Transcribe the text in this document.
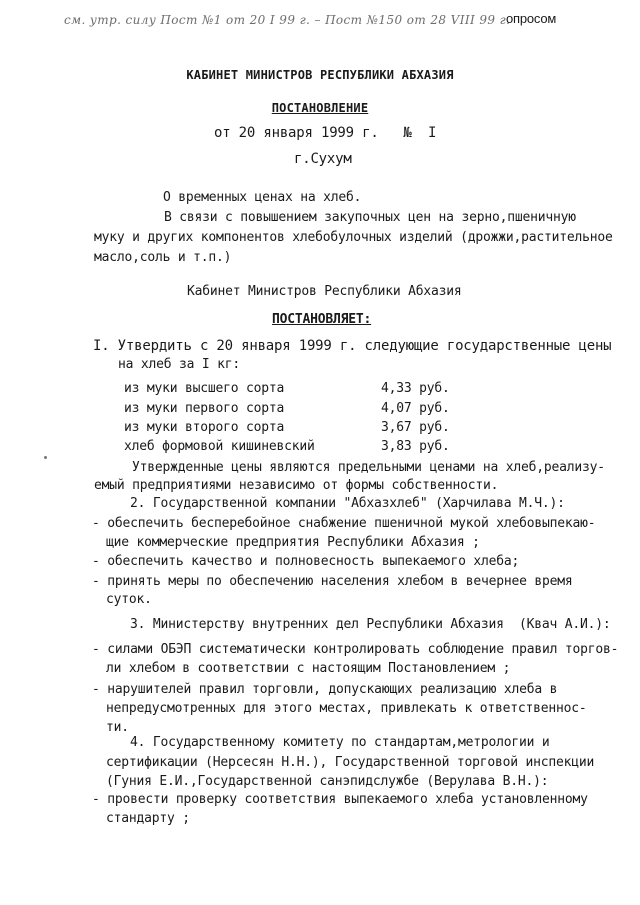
см. утр. силу Пост №1 от 20 I 99 г. – Пост №150 от 28 VIII 99 г.
опросом
КАБИНЕТ МИНИСТРОВ РЕСПУБЛИКИ АБХАЗИЯ
ПОСТАНОВЛЕНИЕ
от 20 января 1999 г.   №  I
г.Сухум
О временных ценах на хлеб.
В связи с повышением закупочных цен на зерно,пшеничную
муку и других компонентов хлебобулочных изделий (дрожжи,растительное
масло,соль и т.п.)
Кабинет Министров Республики Абхазия
ПОСТАНОВЛЯЕТ:
I. Утвердить с 20 января 1999 г. следующие государственные цены
на хлеб за I кг:
из муки высшего сорта	4,33 руб.
из муки первого сорта	4,07 руб.
из муки второго сорта	3,67 руб.
хлеб формовой кишиневский	3,83 руб.
Утвержденные цены являются предельными ценами на хлеб,реализу-
емый предприятиями независимо от формы собственности.
2. Государственной компании "Абхазхлеб" (Харчилава М.Ч.):
- обеспечить бесперебойное снабжение пшеничной мукой хлебовыпекаю-
щие коммерческие предприятия Республики Абхазия ;
- обеспечить качество и полновесность выпекаемого хлеба;
- принять меры по обеспечению населения хлебом в вечернее время
суток.
3. Министерству внутренних дел Республики Абхазия  (Квач А.И.):
- силами ОБЭП систематически контролировать соблюдение правил торгов-
ли хлебом в соответствии с настоящим Постановлением ;
- нарушителей правил торговли, допускающих реализацию хлеба в
непредусмотренных для этого местах, привлекать к ответственнос-
ти.
4. Государственному комитету по стандартам,метрологии и
сертификации (Нерсесян Н.Н.), Государственной торговой инспекции
(Гуния Е.И.,Государственной санэпидслужбе (Верулава В.Н.):
- провести проверку соответствия выпекаемого хлеба установленному
стандарту ;
